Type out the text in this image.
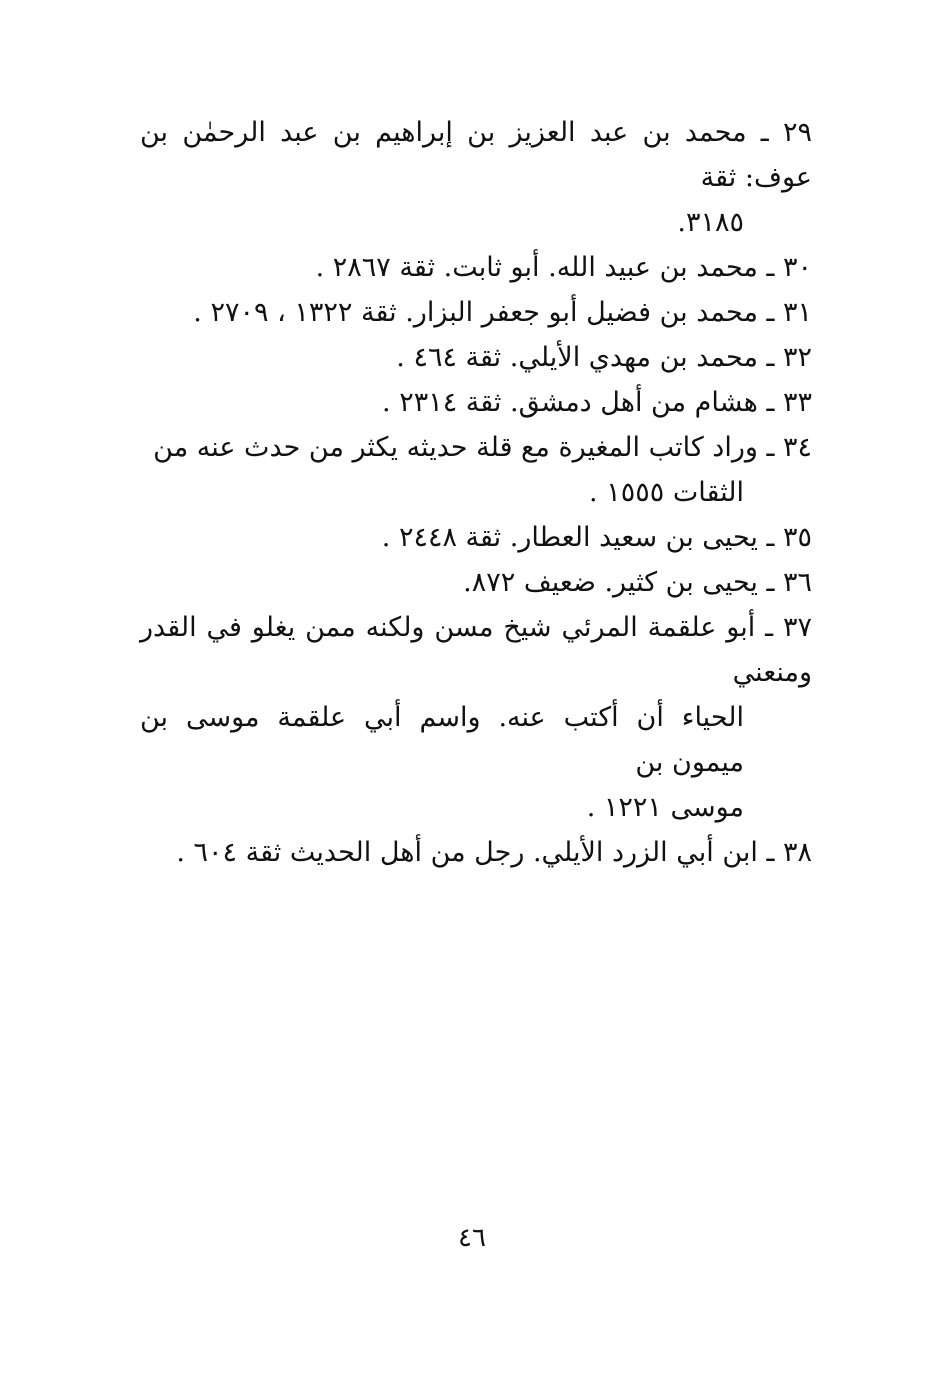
٢٩ ـ محمد بن عبد العزيز بن إبراهيم بن عبد الرحمٰن بن عوف: ثقة
٣١٨٥.
٣٠ ـ محمد بن عبيد الله. أبو ثابت. ثقة ٢٨٦٧ .
٣١ ـ محمد بن فضيل أبو جعفر البزار. ثقة ١٣٢٢ ، ٢٧٠٩ .
٣٢ ـ محمد بن مهدي الأيلي. ثقة ٤٦٤ .
٣٣ ـ هشام من أهل دمشق. ثقة ٢٣١٤ .
٣٤ ـ وراد كاتب المغيرة مع قلة حديثه يكثر من حدث عنه من
الثقات ١٥٥٥ .
٣٥ ـ يحيى بن سعيد العطار. ثقة ٢٤٤٨ .
٣٦ ـ يحيى بن كثير. ضعيف ٨٧٢.
٣٧ ـ أبو علقمة المرئي شيخ مسن ولكنه ممن يغلو في القدر ومنعني
الحياء أن أكتب عنه. واسم أبي علقمة موسى بن ميمون بن
موسى ١٢٢١ .
٣٨ ـ ابن أبي الزرد الأيلي. رجل من أهل الحديث ثقة ٦٠٤ .
٤٦
